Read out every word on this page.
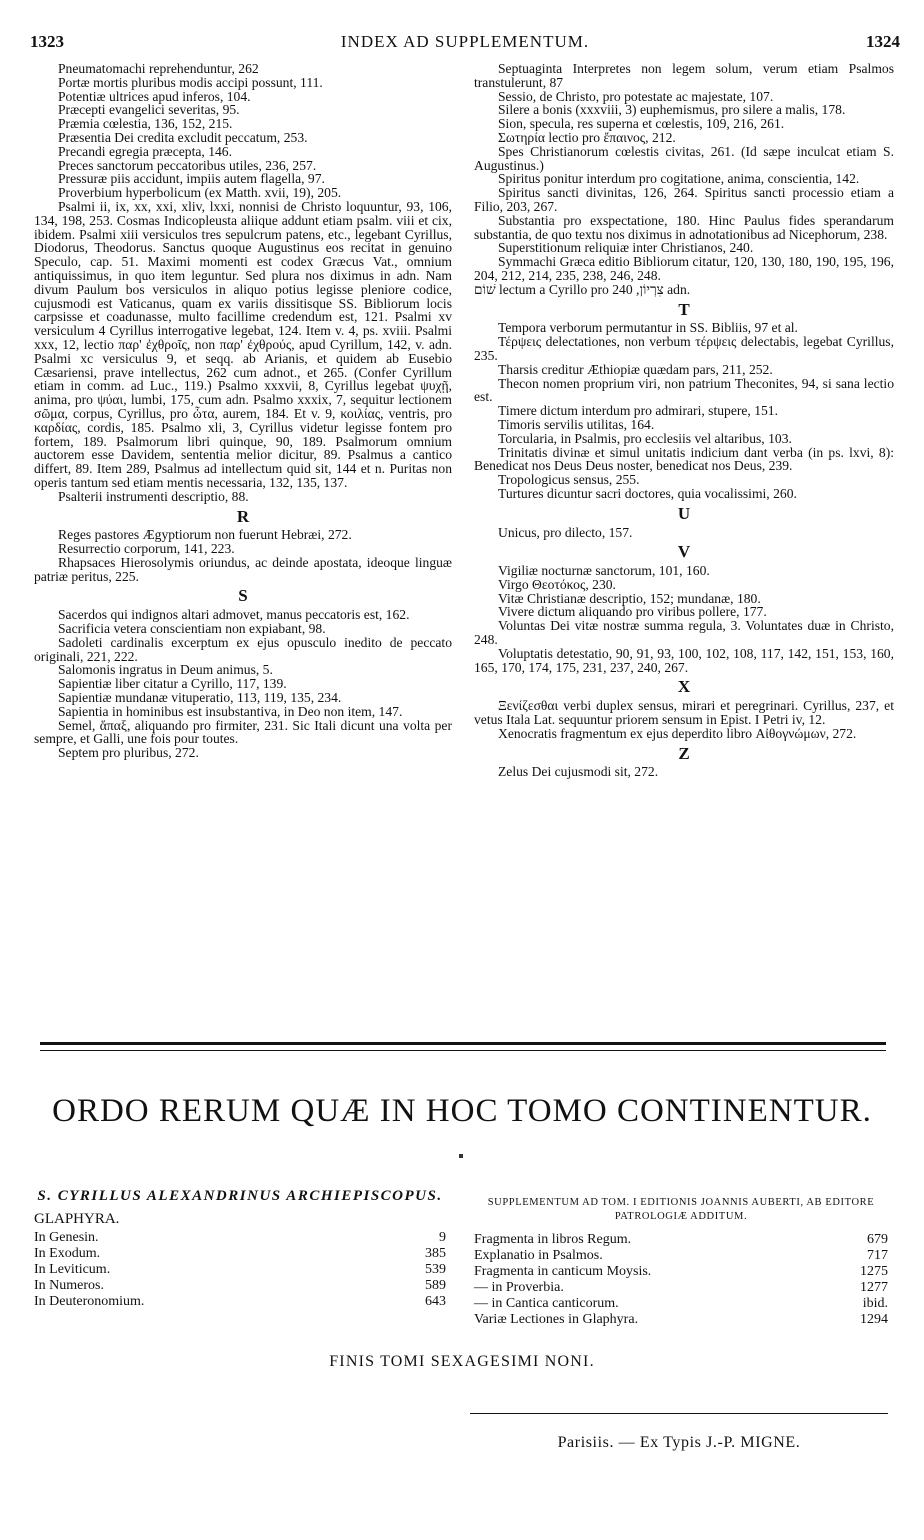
1323	INDEX AD SUPPLEMENTUM.	1324

Pneumatomachi reprehenduntur, 262

Portæ mortis pluribus modis accipi possunt, 111.

Potentiæ ultrices apud inferos, 104.

Præcepti evangelici severitas, 95.

Præmia cœlestia, 136, 152, 215.

Præsentia Dei credita excludit peccatum, 253.

Precandi egregia præcepta, 146.

Preces sanctorum peccatoribus utiles, 236, 257.

Pressuræ piis accidunt, impiis autem flagella, 97.

Proverbium hyperbolicum (ex Matth. xvii, 19), 205.

Psalmi ii, ix, xx, xxi, xliv, lxxi, nonnisi de Christo loquuntur, 93, 106, 134, 198, 253. Cosmas Indicopleusta aliique addunt etiam psalm. viii et cix, ibidem. Psalmi xiii versiculos tres sepulcrum patens, etc., legebant Cyrillus, Diodorus, Theodorus. Sanctus quoque Augustinus eos recitat in genuino Speculo, cap. 51. Maximi momenti est codex Græcus Vat., omnium antiquissimus, in quo item leguntur. Sed plura nos diximus in adn. Nam divum Paulum bos versiculos in aliquo potius legisse pleniore codice, cujusmodi est Vaticanus, quam ex variis dissitisque SS. Bibliorum locis carpsisse et coadunasse, multo facillime credendum est, 121. Psalmi xv versiculum 4 Cyrillus interrogative legebat, 124. Item v. 4, ps. xviii. Psalmi xxx, 12, lectio παρ' ἐχθροῖς, non παρ' ἐχθρούς, apud Cyrillum, 142, v. adn. Psalmi xc versiculus 9, et seqq. ab Arianis, et quidem ab Eusebio Cæsariensi, prave intellectus, 262 cum adnot., et 265. (Confer Cyrillum etiam in comm. ad Luc., 119.) Psalmo xxxvii, 8, Cyrillus legebat ψυχῇ, anima, pro ψύαι, lumbi, 175, cum adn. Psalmo xxxix, 7, sequitur lectionem σῶμα, corpus, Cyrillus, pro ὦτα, aurem, 184. Et v. 9, κοιλίας, ventris, pro καρδίας, cordis, 185. Psalmo xli, 3, Cyrillus videtur legisse fontem pro fortem, 189. Psalmorum libri quinque, 90, 189. Psalmorum omnium auctorem esse Davidem, sententia melior dicitur, 89. Psalmus a cantico differt, 89. Item 289, Psalmus ad intellectum quid sit, 144 et n. Puritas non operis tantum sed etiam mentis necessaria, 132, 135, 137.

Psalterii instrumenti descriptio, 88.

R

Reges pastores Ægyptiorum non fuerunt Hebræi, 272.

Resurrectio corporum, 141, 223.

Rhapsaces Hierosolymis oriundus, ac deinde apostata, ideoque linguæ patriæ peritus, 225.

S

Sacerdos qui indignos altari admovet, manus peccatoris est, 162.

Sacrificia vetera conscientiam non expiabant, 98.

Sadoleti cardinalis excerptum ex ejus opusculo inedito de peccato originali, 221, 222.

Salomonis ingratus in Deum animus, 5.

Sapientiæ liber citatur a Cyrillo, 117, 139.

Sapientiæ mundanæ vituperatio, 113, 119, 135, 234.

Sapientia in hominibus est insubstantiva, in Deo non item, 147.

Semel, ἅπαξ, aliquando pro firmiter, 231. Sic Itali dicunt una volta per sempre, et Galli, une fois pour toutes.

Septem pro pluribus, 272.

Septuaginta Interpretes non legem solum, verum etiam Psalmos transtulerunt, 87

Sessio, de Christo, pro potestate ac majestate, 107.

Silere a bonis (xxxviii, 3) euphemismus, pro silere a malis, 178.

Sion, specula, res superna et cœlestis, 109, 216, 261.

Σωτηρία lectio pro ἔπαινος, 212.

Spes Christianorum cœlestis civitas, 261. (Id sæpe inculcat etiam S. Augustinus.)

Spiritus ponitur interdum pro cogitatione, anima, conscientia, 142.

Spiritus sancti divinitas, 126, 264. Spiritus sancti processio etiam a Filio, 203, 267.

Substantia pro exspectatione, 180. Hinc Paulus fides sperandarum substantia, de quo textu nos diximus in adnotationibus ad Nicephorum, 238.

Superstitionum reliquiæ inter Christianos, 240.

Symmachi Græca editio Bibliorum citatur, 120, 130, 180, 190, 195, 196, 204, 212, 214, 235, 238, 246, 248.

שׁוֹם lectum a Cyrillo pro צִרְיוֹן, 240 adn.

T

Tempora verborum permutantur in SS. Bibliis, 97 et al.

Τέρψεις delectationes, non verbum τέρψεις delectabis, legebat Cyrillus, 235.

Tharsis creditur Æthiopiæ quædam pars, 211, 252.

Thecon nomen proprium viri, non patrium Theconites, 94, si sana lectio est.

Timere dictum interdum pro admirari, stupere, 151.

Timoris servilis utilitas, 164.

Torcularia, in Psalmis, pro ecclesiis vel altaribus, 103.

Trinitatis divinæ et simul unitatis indicium dant verba (in ps. lxvi, 8): Benedicat nos Deus Deus noster, benedicat nos Deus, 239.

Tropologicus sensus, 255.

Turtures dicuntur sacri doctores, quia vocalissimi, 260.

U

Unicus, pro dilecto, 157.

V

Vigiliæ nocturnæ sanctorum, 101, 160.

Virgo Θεοτόκος, 230.

Vitæ Christianæ descriptio, 152; mundanæ, 180.

Vivere dictum aliquando pro viribus pollere, 177.

Voluntas Dei vitæ nostræ summa regula, 3. Voluntates duæ in Christo, 248.

Voluptatis detestatio, 90, 91, 93, 100, 102, 108, 117, 142, 151, 153, 160, 165, 170, 174, 175, 231, 237, 240, 267.

X

Ξενίζεσθαι verbi duplex sensus, mirari et peregrinari. Cyrillus, 237, et vetus Itala Lat. sequuntur priorem sensum in Epist. I Petri iv, 12.

Xenocratis fragmentum ex ejus deperdito libro Αἰθογνώμων, 272.

Z

Zelus Dei cujusmodi sit, 272.

ORDO RERUM QUÆ IN HOC TOMO CONTINENTUR.
S. CYRILLUS ALEXANDRINUS ARCHIEPISCOPUS.
GLAPHYRA.
In Genesin.	9
In Exodum.	385
In Leviticum.	539
In Numeros.	589
In Deuteronomium.	643
SUPPLEMENTUM AD TOM. I EDITIONIS JOANNIS AUBERTI, AB EDITORE PATROLOGIÆ ADDITUM.
Fragmenta in libros Regum.	679
Explanatio in Psalmos.	717
Fragmenta in canticum Moysis.	1275
— in Proverbia.	1277
— in Cantica canticorum.	ibid.
Variæ Lectiones in Glaphyra.	1294
FINIS TOMI SEXAGESIMI NONI.
Parisiis. — Ex Typis J.-P. MIGNE.
